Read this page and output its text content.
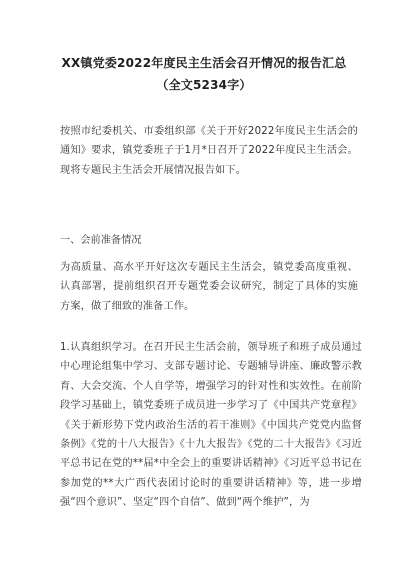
XX镇党委2022年度民主生活会召开情况的报告汇总
（全文5234字）
按照市纪委机关、市委组织部《关于开好2022年度民主生活会的通知》要求，镇党委班子于1月*日召开了2022年度民主生活会。现将专题民主生活会开展情况报告如下。
一、会前准备情况
为高质量、高水平开好这次专题民主生活会，镇党委高度重视、认真部署，提前组织召开专题党委会议研究，制定了具体的实施方案，做了细致的准备工作。
1.认真组织学习。在召开民主生活会前，领导班子和班子成员通过中心理论组集中学习、支部专题讨论、专题辅导讲座、廉政警示教育、大会交流、个人自学等，增强学习的针对性和实效性。在前阶段学习基础上，镇党委班子成员进一步学习了《中国共产党章程》《关于新形势下党内政治生活的若干准则》《中国共产党党内监督条例》《党的十八大报告》《十九大报告》《党的二十大报告》《习近平总书记在党的**届*中全会上的重要讲话精神》《习近平总书记在参加党的**大广西代表团讨论时的重要讲话精神》等，进一步增强“四个意识”、坚定“四个自信”、做到“两个维护”，为
